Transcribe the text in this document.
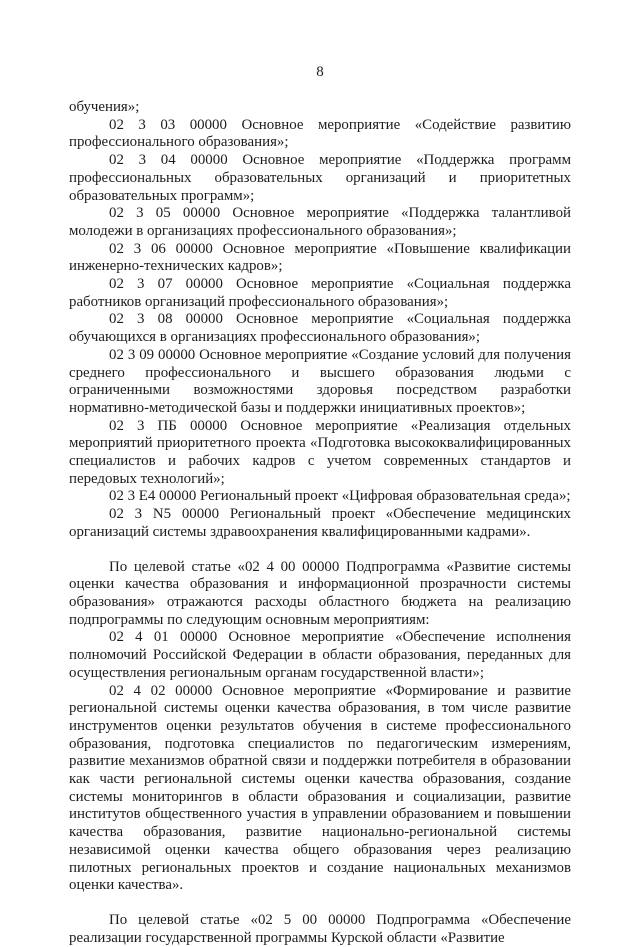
8

обучения»;

02 3 03 00000 Основное мероприятие «Содействие развитию профессионального образования»;

02 3 04 00000 Основное мероприятие «Поддержка программ профессиональных образовательных организаций и приоритетных образовательных программ»;

02 3 05 00000 Основное мероприятие «Поддержка талантливой молодежи в организациях профессионального образования»;

02 3 06 00000 Основное мероприятие «Повышение квалификации инженерно-технических кадров»;

02 3 07 00000 Основное мероприятие «Социальная поддержка работников организаций профессионального образования»;

02 3 08 00000 Основное мероприятие «Социальная поддержка обучающихся в организациях профессионального образования»;

02 3 09 00000 Основное мероприятие «Создание условий для получения среднего профессионального и высшего образования людьми с ограниченными возможностями здоровья посредством разработки нормативно-методической базы и поддержки инициативных проектов»;

02 3 ПБ 00000 Основное мероприятие «Реализация отдельных мероприятий приоритетного проекта «Подготовка высококвалифицированных специалистов и рабочих кадров с учетом современных стандартов и передовых технологий»;

02 3 Е4 00000 Региональный проект «Цифровая образовательная среда»;

02 3 N5 00000 Региональный проект «Обеспечение медицинских организаций системы здравоохранения квалифицированными кадрами».

По целевой статье «02 4 00 00000 Подпрограмма «Развитие системы оценки качества образования и информационной прозрачности системы образования» отражаются расходы областного бюджета на реализацию подпрограммы по следующим основным мероприятиям:

02 4 01 00000 Основное мероприятие «Обеспечение исполнения полномочий Российской Федерации в области образования, переданных для осуществления региональным органам государственной власти»;

02 4 02 00000 Основное мероприятие «Формирование и развитие региональной системы оценки качества образования, в том числе развитие инструментов оценки результатов обучения в системе профессионального образования, подготовка специалистов по педагогическим измерениям, развитие механизмов обратной связи и поддержки потребителя в образовании как части региональной системы оценки качества образования, создание системы мониторингов в области образования и социализации, развитие институтов общественного участия в управлении образованием и повышении качества образования, развитие национально-региональной системы независимой оценки качества общего образования через реализацию пилотных региональных проектов и создание национальных механизмов оценки качества».

По целевой статье «02 5 00 00000 Подпрограмма «Обеспечение реализации государственной программы Курской области «Развитие
